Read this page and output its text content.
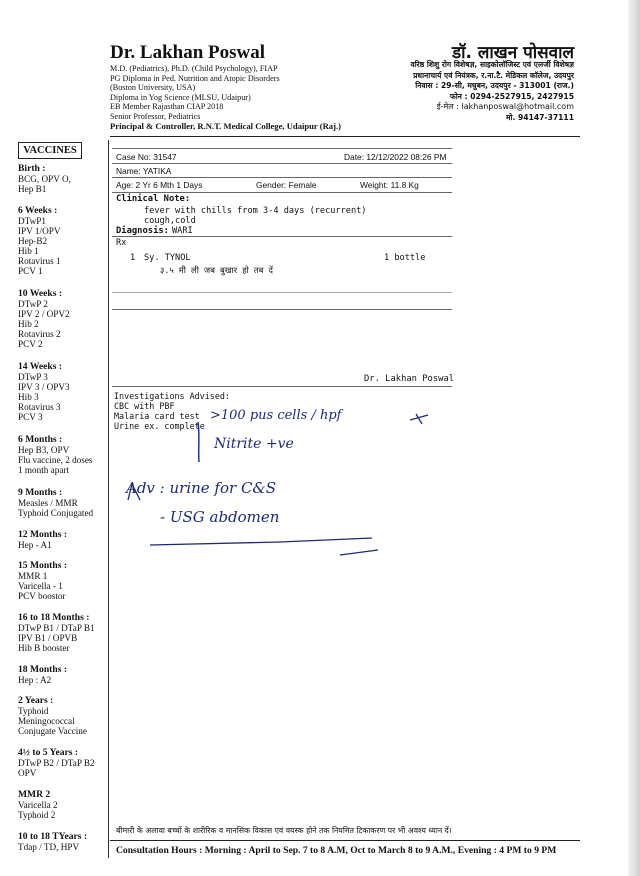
Dr. Lakhan Poswal
M.D. (Pediatrics), Ph.D. (Child Psychology), FIAP
PG Diploma in Ped. Nutrition and Atopic Disorders
(Boston University, USA)
Diploma in Yog Science (MLSU, Udaipur)
EB Member Rajasthan CIAP 2018
Senior Professor, Pediatrics
Principal & Controller, R.N.T. Medical College, Udaipur (Raj.)
डॉ. लाखन पोसवाल
वरिष्ठ शिशु रोग विशेषज्ञ, साइकोलॉजिस्ट एवं एलर्जी विशेषज्ञ
प्रधानाचार्य एवं नियंत्रक, र.ना.टै. मेडिकल कॉलेज, उदयपुर
निवास : 29-सी, मधुबन, उदयपुर - 313001 (राज.)
फोन : 0294-2527915, 2427915
ई-मेल : lakhanposwal@hotmail.com
मो. 94147-37111
VACCINES
Birth :
BCG, OPV O,
Hep B1
6 Weeks :
DTwP1
IPV 1/OPV
Hep-B2
Hib 1
Rotavirus 1
PCV 1
10 Weeks :
DTwP 2
IPV 2 / OPV2
Hib 2
Rotavirus 2
PCV 2
14 Weeks :
DTwP 3
IPV 3 / OPV3
Hib 3
Rotavirus 3
PCV 3
6 Months :
Hep B3, OPV
Flu vaccine, 2 doses
1 month apart
9 Months :
Measles / MMR
Typhoid Conjugated
12 Months :
Hep - A1
15 Months :
MMR 1
Varicella - 1
PCV boostor
16 to 18 Months :
DTwP B1 / DTaP B1
IPV B1 / OPVB
Hib B booster
18 Months :
Hep : A2
2 Years :
Typhoid
Meningococcal
Conjugate Vaccine
4½ to 5 Years :
DTwP B2 / DTaP B2
OPV
MMR 2
Varicella 2
Typhoid 2
10 to 18 TYears :
Tdap / TD, HPV
Case No: 31547	Date: 12/12/2022 08:26 PM
Name: YATIKA
Age: 2 Yr 6 Mth 1 Days	Gender: Female	Weight: 11.8 Kg
Clinical Note:
fever with chills from 3-4 days (recurrent)
cough,cold
Diagnosis: WARI
Rx
1 Sy. TYNOL	1 bottle
३.५ मी ली जब बुखार हो तब दें
Dr. Lakhan Poswal
Investigations Advised:
CBC with PBF
Malaria card test
Urine ex. complete
>100 pus cells / hpf
Nitrite +ve
Adv : urine for C&S
- USG abdomen
बीमारी के अलावा बच्चों के शारीरिक व मानसिक विकास एवं वयस्क होने तक नियमित टिकाकरण पर भी अवश्य ध्यान दें।
Consultation Hours : Morning : April to Sep. 7 to 8 A.M, Oct to March 8 to 9 A.M., Evening : 4 PM to 9 PM
